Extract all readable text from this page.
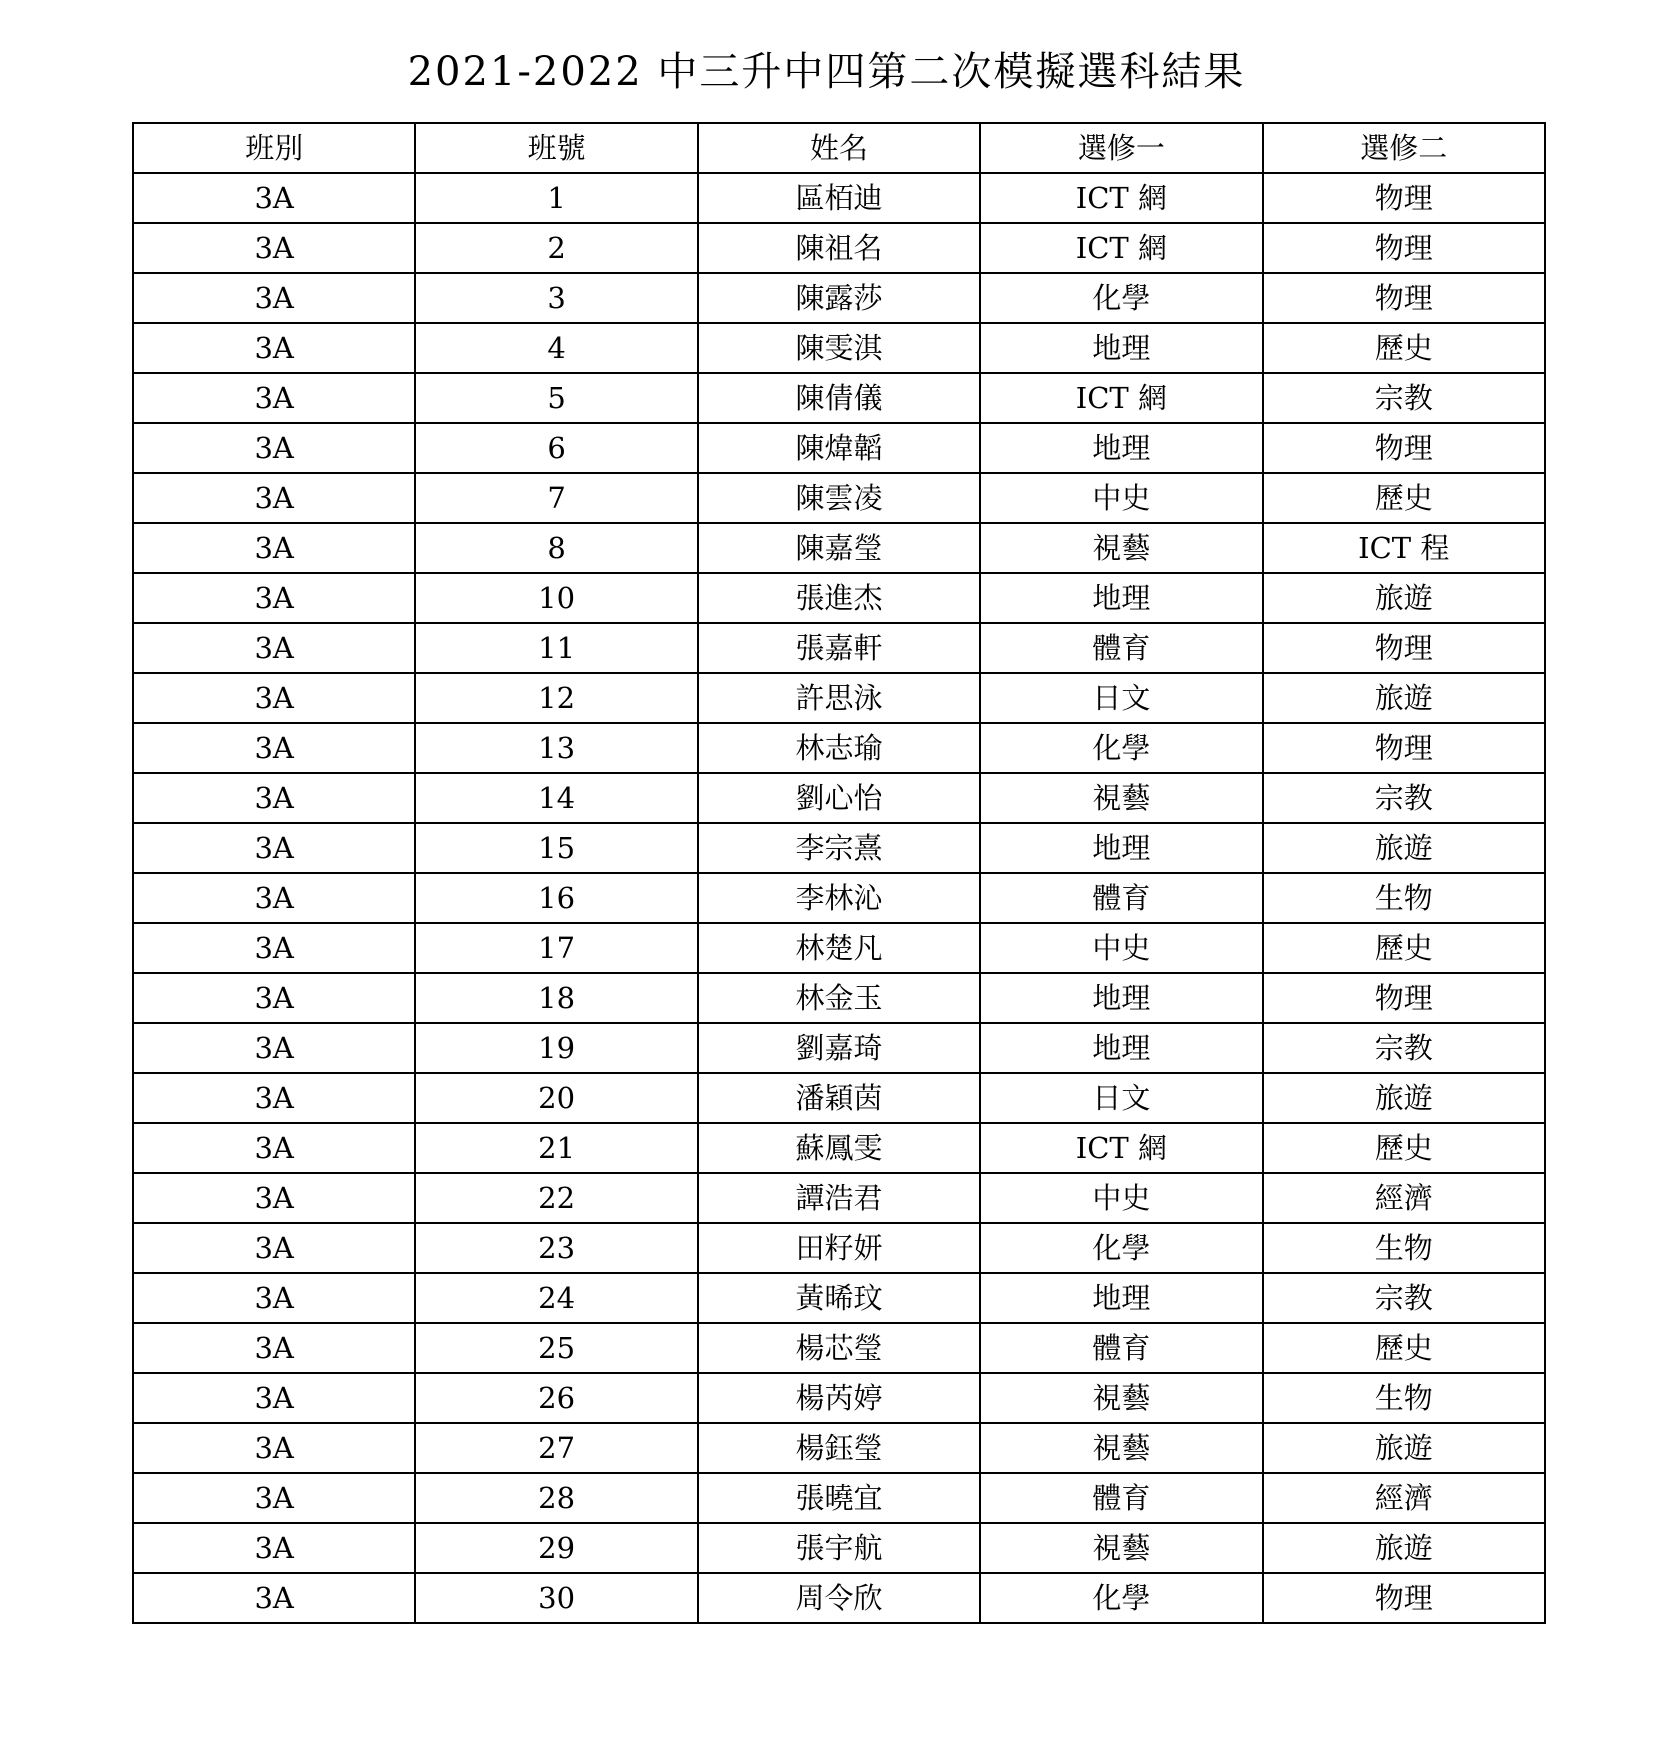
2021-2022 中三升中四第二次模擬選科結果
班別	班號	姓名	選修一	選修二
3A	1	區栢迪	ICT 網	物理
3A	2	陳祖名	ICT 網	物理
3A	3	陳露莎	化學	物理
3A	4	陳雯淇	地理	歷史
3A	5	陳倩儀	ICT 網	宗教
3A	6	陳煒韜	地理	物理
3A	7	陳雲凌	中史	歷史
3A	8	陳嘉瑩	視藝	ICT 程
3A	10	張進杰	地理	旅遊
3A	11	張嘉軒	體育	物理
3A	12	許思泳	日文	旅遊
3A	13	林志瑜	化學	物理
3A	14	劉心怡	視藝	宗教
3A	15	李宗熹	地理	旅遊
3A	16	李林沁	體育	生物
3A	17	林楚凡	中史	歷史
3A	18	林金玉	地理	物理
3A	19	劉嘉琦	地理	宗教
3A	20	潘穎茵	日文	旅遊
3A	21	蘇鳳雯	ICT 網	歷史
3A	22	譚浩君	中史	經濟
3A	23	田籽妍	化學	生物
3A	24	黃晞玟	地理	宗教
3A	25	楊芯瑩	體育	歷史
3A	26	楊芮婷	視藝	生物
3A	27	楊鈺瑩	視藝	旅遊
3A	28	張曉宜	體育	經濟
3A	29	張宇航	視藝	旅遊
3A	30	周令欣	化學	物理
